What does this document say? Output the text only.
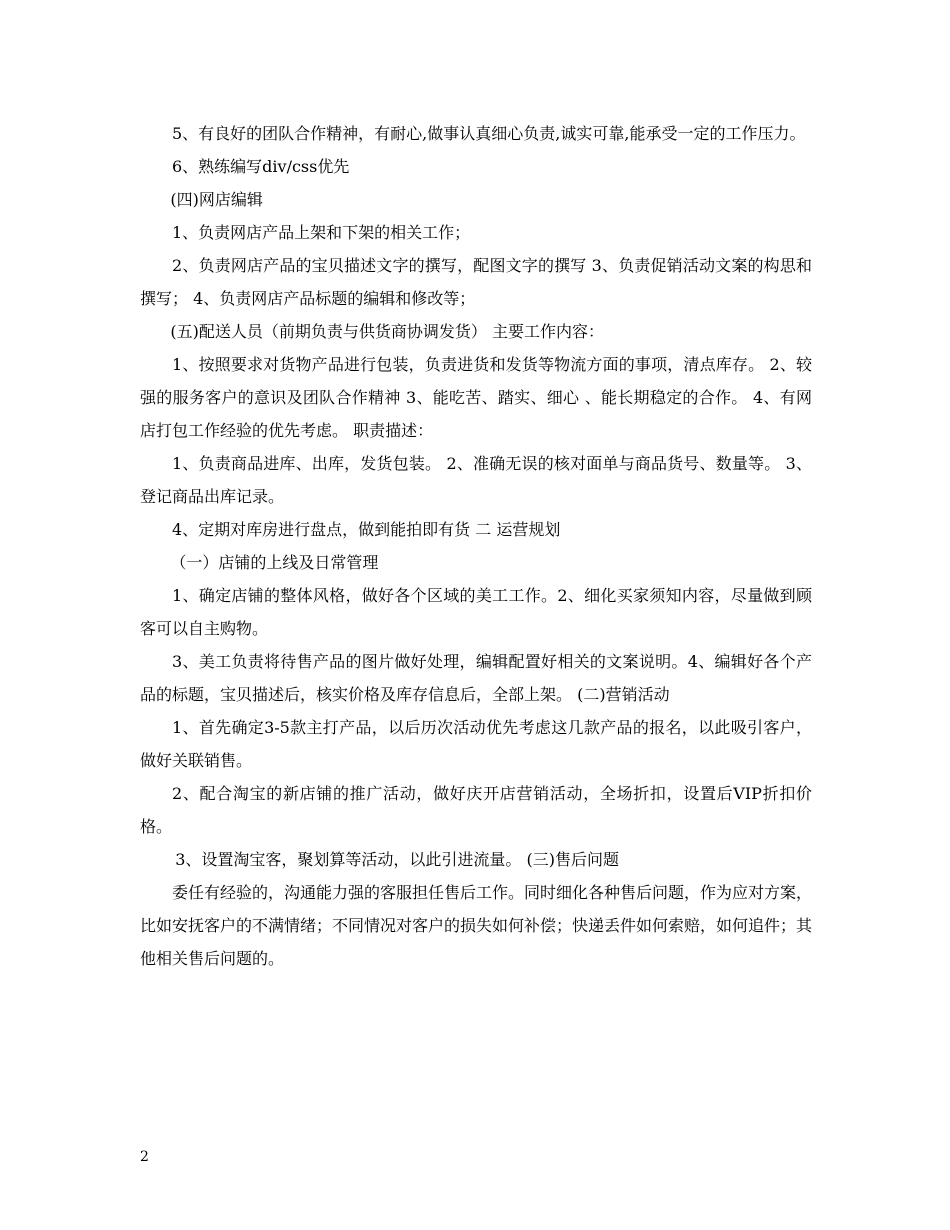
5、有良好的团队合作精神，有耐心,做事认真细心负责,诚实可靠,能承受一定的工作压力。

6、熟练编写div/css优先

(四)网店编辑

1、负责网店产品上架和下架的相关工作；

2、负责网店产品的宝贝描述文字的撰写，配图文字的撰写 3、负责促销活动文案的构思和撰写； 4、负责网店产品标题的编辑和修改等；

(五)配送人员（前期负责与供货商协调发货） 主要工作内容：

1、按照要求对货物产品进行包装，负责进货和发货等物流方面的事项，清点库存。 2、较强的服务客户的意识及团队合作精神 3、能吃苦、踏实、细心 、能长期稳定的合作。 4、有网店打包工作经验的优先考虑。 职责描述：

1、负责商品进库、出库，发货包装。 2、准确无误的核对面单与商品货号、数量等。 3、登记商品出库记录。

4、定期对库房进行盘点，做到能拍即有货 二 运营规划

（一）店铺的上线及日常管理

1、确定店铺的整体风格，做好各个区域的美工工作。2、细化买家须知内容，尽量做到顾客可以自主购物。

3、美工负责将待售产品的图片做好处理，编辑配置好相关的文案说明。4、编辑好各个产品的标题，宝贝描述后，核实价格及库存信息后，全部上架。 (二)营销活动

1、首先确定3-5款主打产品，以后历次活动优先考虑这几款产品的报名，以此吸引客户，做好关联销售。

2、配合淘宝的新店铺的推广活动，做好庆开店营销活动，全场折扣，设置后VIP折扣价格。

3、设置淘宝客，聚划算等活动，以此引进流量。 (三)售后问题

委任有经验的，沟通能力强的客服担任售后工作。同时细化各种售后问题，作为应对方案，比如安抚客户的不满情绪；不同情况对客户的损失如何补偿；快递丢件如何索赔，如何追件；其他相关售后问题的。

2
